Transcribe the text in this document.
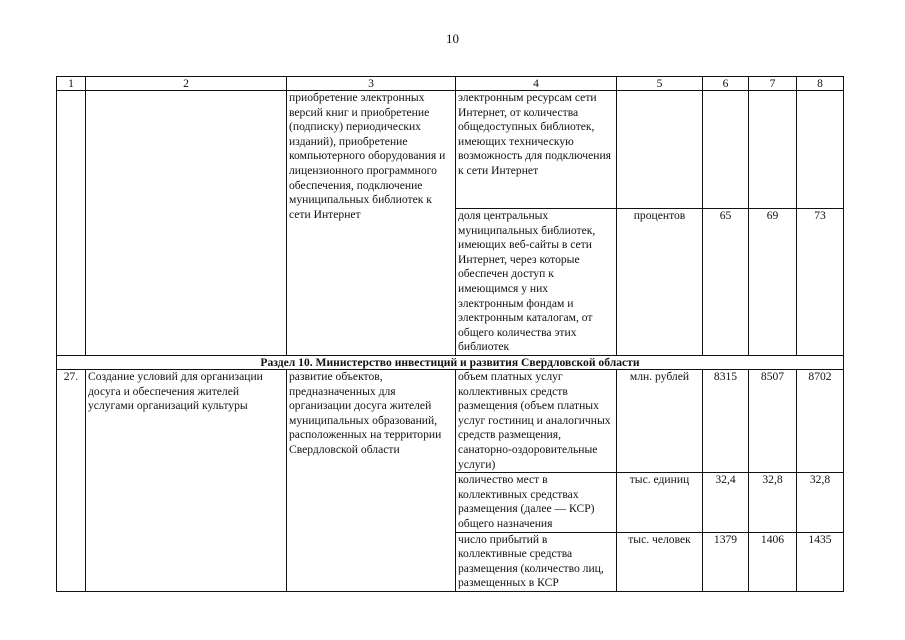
10
1	2	3	4	5	6	7	8
		приобретение электронных версий книг и приобретение (подписку) периодических изданий), приобретение компьютерного оборудования и лицензионного программного обеспечения, подключение муниципальных библиотек к сети Интернет	электронным ресурсам сети Интернет, от количества общедоступных библиотек, имеющих техническую возможность для подключения к сети Интернет				
			доля центральных муниципальных библиотек, имеющих веб-сайты в сети Интернет, через которые обеспечен доступ к имеющимся у них электронным фондам и электронным каталогам, от общего количества этих библиотек	процентов	65	69	73
Раздел 10. Министерство инвестиций и развития Свердловской области							
27.	Создание условий для организации досуга и обеспечения жителей услугами организаций культуры	развитие объектов, предназначенных для организации досуга жителей муниципальных образований, расположенных на территории Свердловской области	объем платных услуг коллективных средств размещения (объем платных услуг гостиниц и аналогичных средств размещения, санаторно-оздоровительные услуги)	млн. рублей	8315	8507	8702
			количество мест в коллективных средствах размещения (далее — КСР) общего назначения	тыс. единиц	32,4	32,8	32,8
			число прибытий в коллективные средства размещения (количество лиц, размещенных в КСР	тыс. человек	1379	1406	1435
